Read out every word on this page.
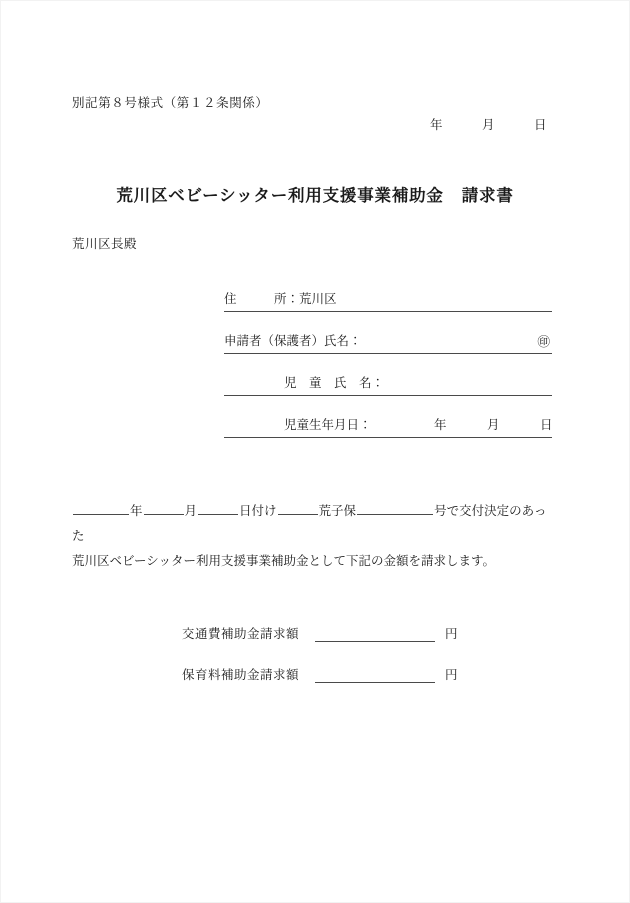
別記第８号様式（第１２条関係）
年	月	日
荒川区ベビーシッター利用支援事業補助金 請求書
荒川区長殿
住　　　所：荒川区
申請者（保護者）氏名：	㊞
児　童　氏　名：
児童生年月日：	年	月	日
年	月	日付け	荒子保	号で交付決定のあった
荒川区ベビーシッター利用支援事業補助金として下記の金額を請求します。
交通費補助金請求額	円
保育料補助金請求額	円
